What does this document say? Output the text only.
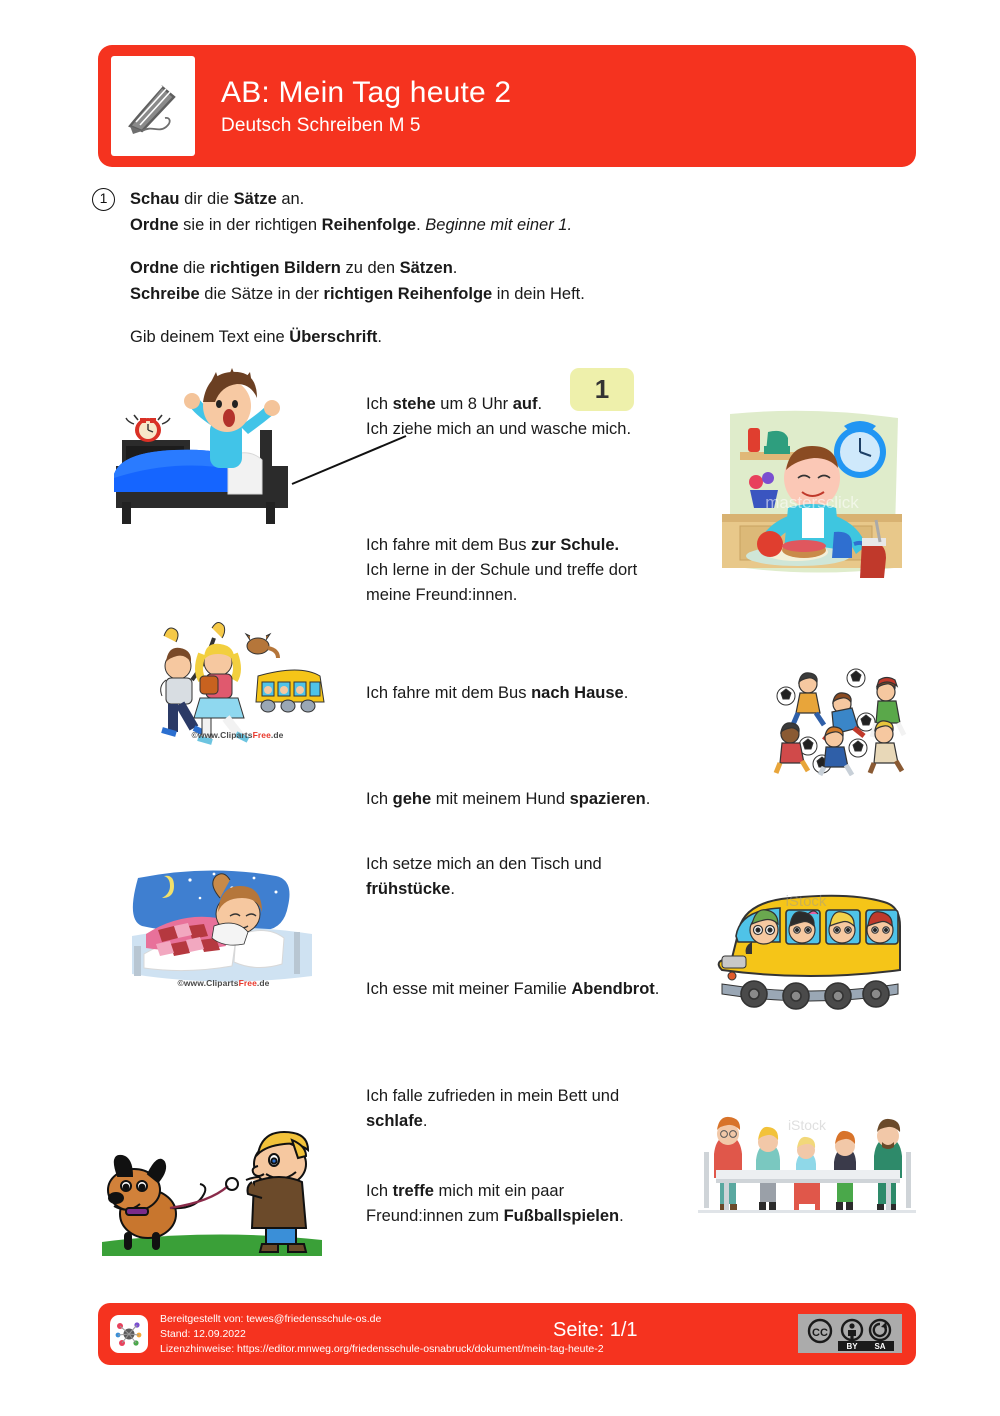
AB: Mein Tag heute 2
Deutsch Schreiben M 5
1	Schau dir die Sätze an.
Ordne sie in der richtigen Reihenfolge. Beginne mit einer 1.
Ordne die richtigen Bildern zu den Sätzen.
Schreibe die Sätze in der richtigen Reihenfolge in dein Heft.
Gib deinem Text eine Überschrift.
1
Ich stehe um 8 Uhr auf.
Ich ziehe mich an und wasche mich.
Ich fahre mit dem Bus zur Schule.
Ich lerne in der Schule und treffe dort
meine Freund:innen.
Ich fahre mit dem Bus nach Hause.
Ich gehe mit meinem Hund spazieren.
Ich setze mich an den Tisch und
frühstücke.
Ich esse mit meiner Familie Abendbrot.
Ich falle zufrieden in mein Bett und
schlafe.
Ich treffe mich mit ein paar
Freund:innen zum Fußballspielen.
mastersclick
©www.ClipartsFree.de
©www.ClipartsFree.de
iStock
iStock
Bereitgestellt von: tewes@friedensschule-os.de
Stand: 12.09.2022
Lizenzhinweise: https://editor.mnweg.org/friedensschule-osnabruck/dokument/mein-tag-heute-2
Seite: 1/1	CC
BY SA
